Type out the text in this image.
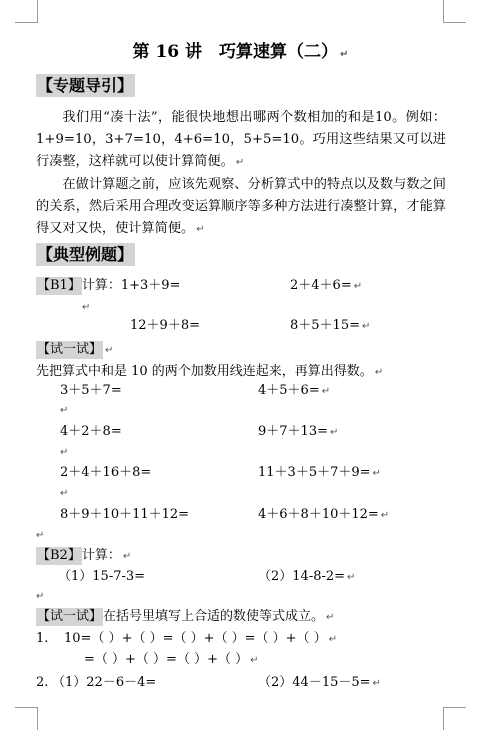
第 16 讲　巧算速算（二） ↵
【专题导引】

我们用“凑十法”，能很快地想出哪两个数相加的和是10。例如：1+9=10，3+7=10，4+6=10，5+5=10。巧用这些结果又可以进行凑整，这样就可以使计算简便。 ↵

在做计算题之前，应该先观察、分析算式中的特点以及数与数之间的关系，然后采用合理改变运算顺序等多种方法进行凑整计算，才能算得又对又快，使计算简便。 ↵

【典型例题】
【B1】计算：1+3＋9=	2＋4＋6= ↵
↵
12＋9＋8=	8＋5＋15= ↵
【试一试】 ↵
先把算式中和是 10 的两个加数用线连起来，再算出得数。 ↵
3＋5＋7=	4＋5＋6= ↵
↵
4＋2＋8=	9＋7＋13= ↵
↵
2＋4＋16＋8=	11＋3＋5＋7＋9= ↵
↵
8＋9＋10＋11＋12=	4＋6＋8＋10＋12= ↵
↵
【B2】计算： ↵
（1）15-7-3=	（2）14-8-2= ↵
↵
【试一试】在括号里填写上合适的数使等式成立。 ↵
1. 10=（ ）+（ ）=（ ）+（ ）=（ ）+（ ） ↵
=（ ）+（ ）=（ ）+（ ） ↵
2. （1）22－6－4=	（2）44－15－5= ↵
